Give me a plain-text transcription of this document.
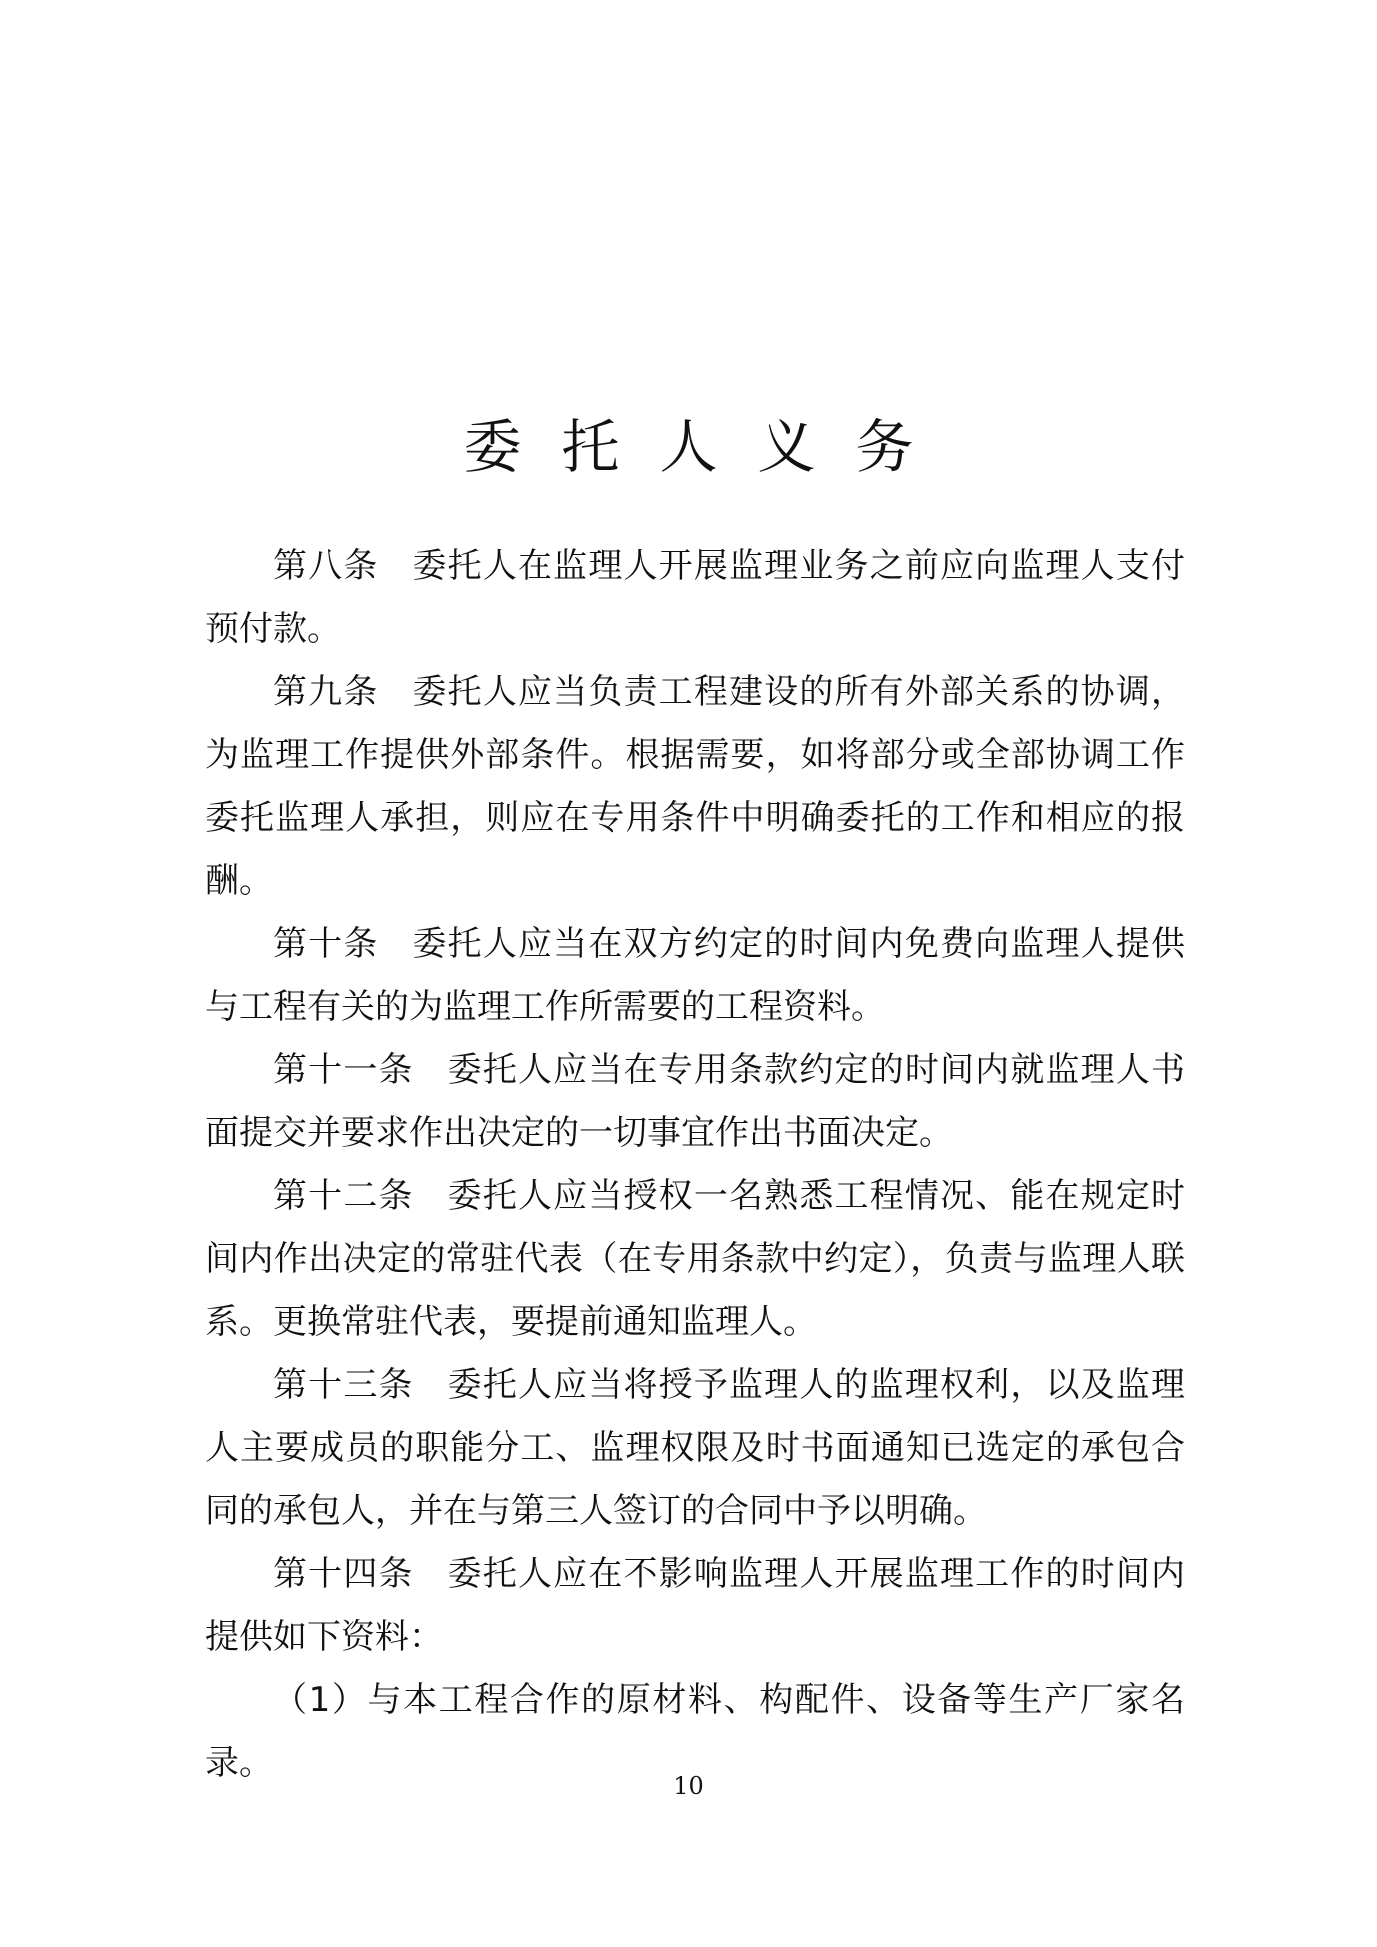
委托人义务

第八条 委托人在监理人开展监理业务之前应向监理人支付预付款。

第九条 委托人应当负责工程建设的所有外部关系的协调，为监理工作提供外部条件。根据需要，如将部分或全部协调工作委托监理人承担，则应在专用条件中明确委托的工作和相应的报酬。

第十条 委托人应当在双方约定的时间内免费向监理人提供与工程有关的为监理工作所需要的工程资料。

第十一条 委托人应当在专用条款约定的时间内就监理人书面提交并要求作出决定的一切事宜作出书面决定。

第十二条 委托人应当授权一名熟悉工程情况、能在规定时间内作出决定的常驻代表（在专用条款中约定），负责与监理人联系。更换常驻代表，要提前通知监理人。

第十三条 委托人应当将授予监理人的监理权利，以及监理人主要成员的职能分工、监理权限及时书面通知已选定的承包合同的承包人，并在与第三人签订的合同中予以明确。

第十四条 委托人应在不影响监理人开展监理工作的时间内提供如下资料：

（1）与本工程合作的原材料、构配件、设备等生产厂家名录。

10
